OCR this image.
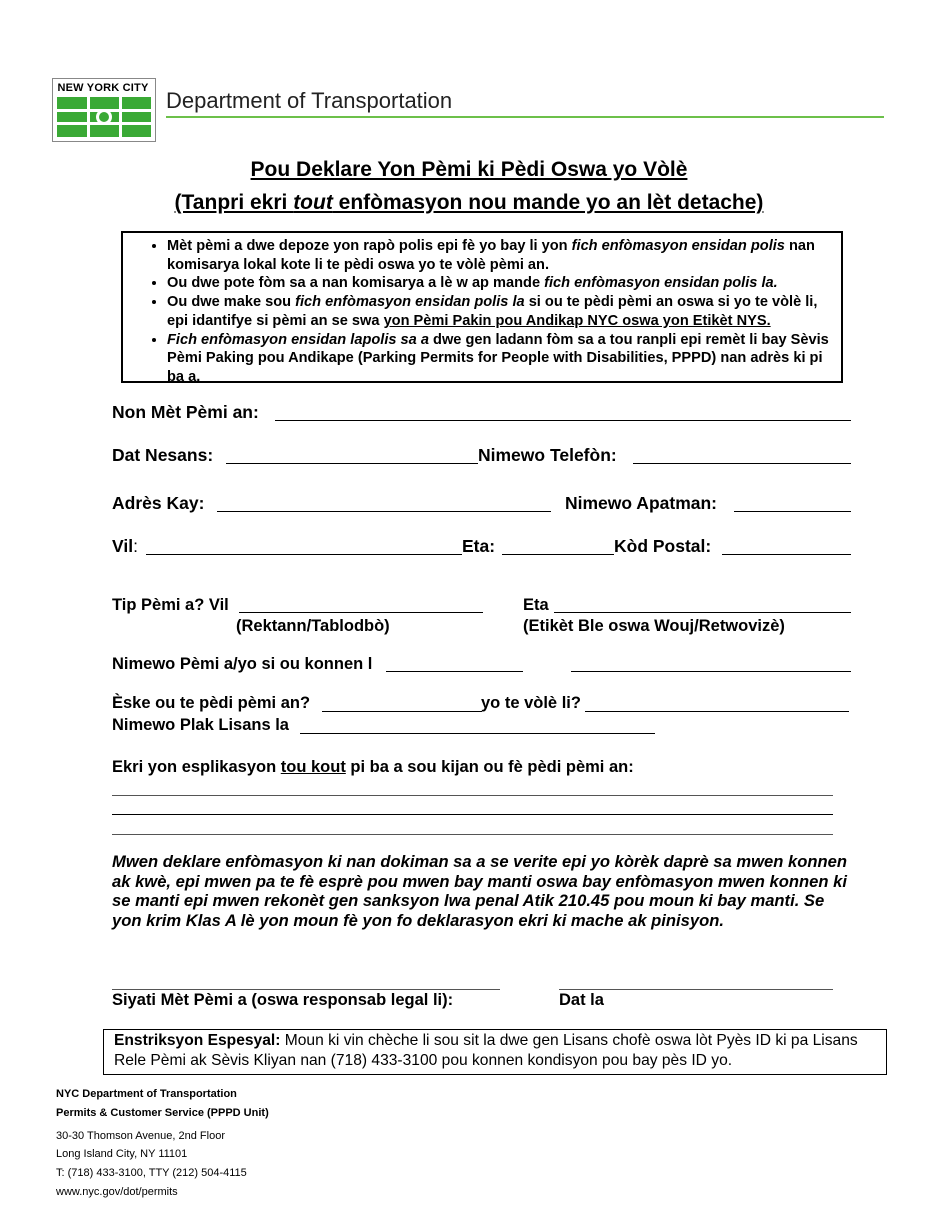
NEW YORK CITY Department of Transportation
Pou Deklare Yon Pèmi ki Pèdi Oswa yo Vòlè
(Tanpri ekri tout enfòmasyon nou mande yo an lèt detache)
• Mèt pèmi a dwe depoze yon rapò polis epi fè yo bay li yon fich enfòmasyon ensidan polis nan komisarya lokal kote li te pèdi oswa yo te vòlè pèmi an.
• Ou dwe pote fòm sa a nan komisarya a lè w ap mande fich enfòmasyon ensidan polis la.
• Ou dwe make sou fich enfòmasyon ensidan polis la si ou te pèdi pèmi an oswa si yo te vòlè li, epi idantifye si pèmi an se swa yon Pèmi Pakin pou Andikap NYC oswa yon Etikèt NYS.
• Fich enfòmasyon ensidan lapolis sa a dwe gen ladann fòm sa a tou ranpli epi remèt li bay Sèvis Pèmi Paking pou Andikape (Parking Permits for People with Disabilities, PPPD) nan adrès ki pi ba a.
Non Mèt Pèmi an:
Dat Nesans:	Nimewo Telefòn:
Adrès Kay:	Nimewo Apatman:
Vil:	Eta:	Kòd Postal:
Tip Pèmi a? Vil
(Rektann/Tablodbò)
Eta
(Etikèt Ble oswa Wouj/Retwovizè)
Nimewo Pèmi a/yo si ou konnen l
Èske ou te pèdi pèmi an?	yo te vòlè li?
Nimewo Plak Lisans la
Ekri yon esplikasyon tou kout pi ba a sou kijan ou fè pèdi pèmi an:
Mwen deklare enfòmasyon ki nan dokiman sa a se verite epi yo kòrèk daprè sa mwen konnen ak kwè, epi mwen pa te fè esprè pou mwen bay manti oswa bay enfòmasyon mwen konnen ki se manti epi mwen rekonèt gen sanksyon lwa penal Atik 210.45 pou moun ki bay manti. Se yon krim Klas A lè yon moun fè yon fo deklarasyon ekri ki mache ak pinisyon.
Siyati Mèt Pèmi a (oswa responsab legal li):	Dat la
Enstriksyon Espesyal: Moun ki vin chèche li sou sit la dwe gen Lisans chofè oswa lòt Pyès ID ki pa Lisans Rele Pèmi ak Sèvis Kliyan nan (718) 433-3100 pou konnen kondisyon pou bay pès ID yo.
NYC Department of Transportation
Permits & Customer Service (PPPD Unit)
30-30 Thomson Avenue, 2nd Floor
Long Island City, NY 11101
T: (718) 433-3100, TTY (212) 504-4115
www.nyc.gov/dot/permits
